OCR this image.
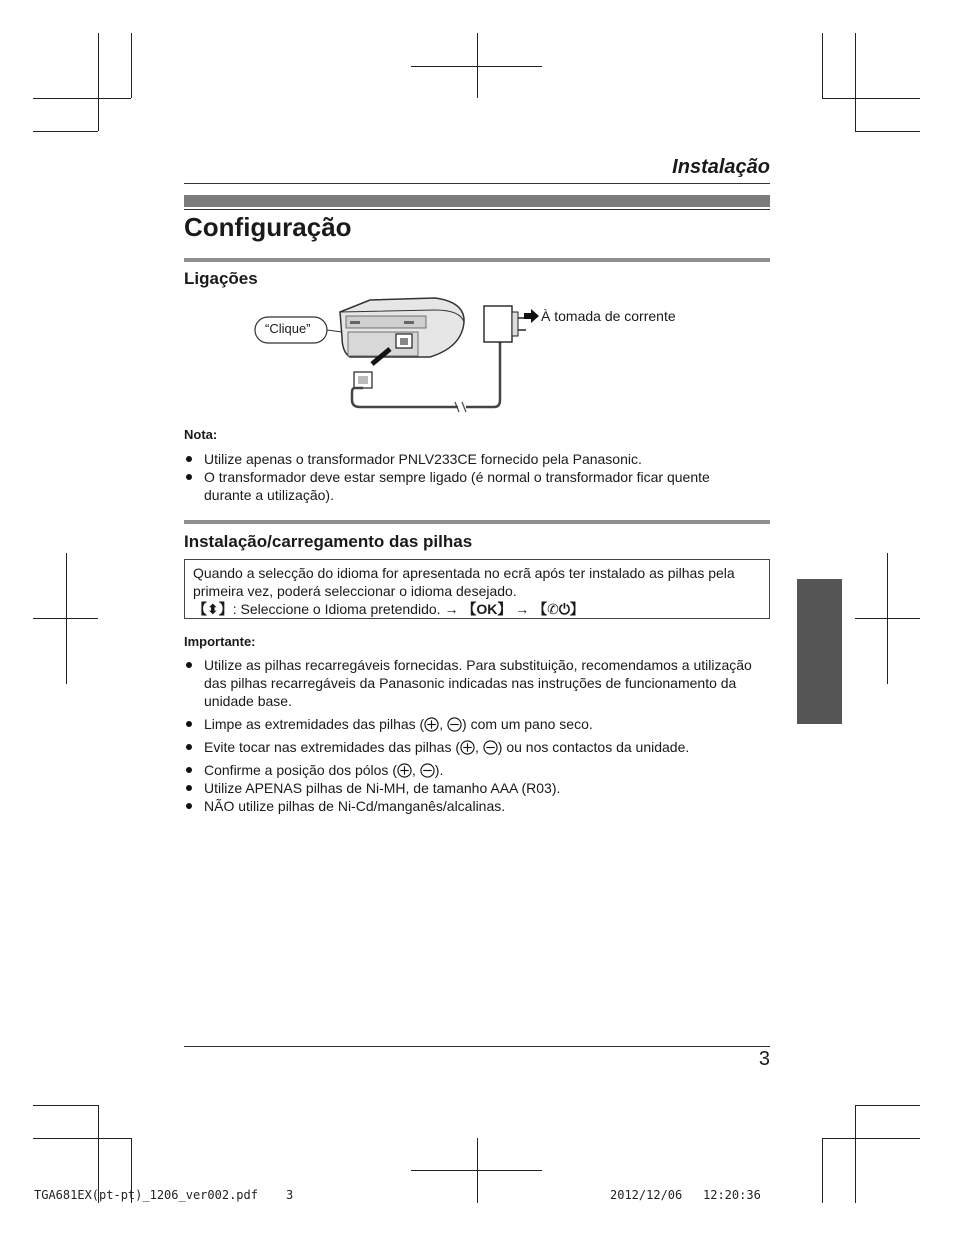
Instalação
Configuração
Ligações
“Clique”
À tomada de corrente
Nota:
Utilize apenas o transformador PNLV233CE fornecido pela Panasonic.
O transformador deve estar sempre ligado (é normal o transformador ficar quente
durante a utilização).
Instalação/carregamento das pilhas
Quando a selecção do idioma for apresentada no ecrã após ter instalado as pilhas pela
primeira vez, poderá seleccionar o idioma desejado.
【⬍】: Seleccione o Idioma pretendido. → 【OK】 → 【✆⏻】
Importante:
Utilize as pilhas recarregáveis fornecidas. Para substituição, recomendamos a utilização
das pilhas recarregáveis da Panasonic indicadas nas instruções de funcionamento da
unidade base.
Limpe as extremidades das pilhas ( , ) com um pano seco.
Evite tocar nas extremidades das pilhas ( , ) ou nos contactos da unidade.
Confirme a posição dos pólos ( , ).
Utilize APENAS pilhas de Ni-MH, de tamanho AAA (R03).
NÃO utilize pilhas de Ni-Cd/manganês/alcalinas.
3
TGA681EX(pt-pt)_1206_ver002.pdf 3	2012/12/06 12:20:36
